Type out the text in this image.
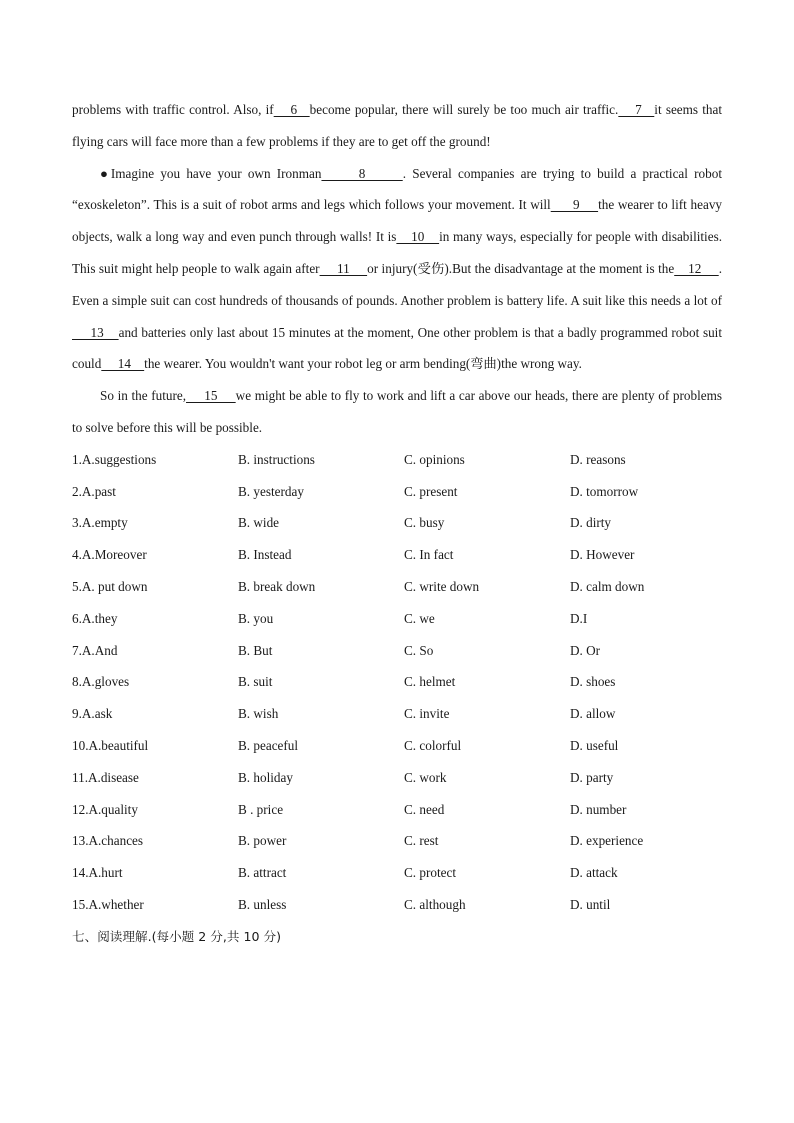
problems with traffic control. Also, if    6   become popular, there will surely be too much air traffic.    7   it seems that flying cars will face more than a few problems if they are to get off the ground!

●Imagine you have your own Ironman      8      . Several companies are trying to build a practical robot “exoskeleton”. This is a suit of robot arms and legs which follows your movement. It will      9     the wearer to lift heavy objects, walk a long way and even punch through walls! It is    10    in many ways, especially for people with disabilities. This suit might help people to walk again after     11     or injury(受伤).But the disadvantage at the moment is the    12     . Even a simple suit can cost hundreds of thousands of pounds. Another problem is battery life. A suit like this needs a lot of     13    and batteries only last about 15 minutes at the moment, One other problem is that a badly programmed robot suit could     14    the wearer. You wouldn't want your robot leg or arm bending(弯曲)the wrong way.

So in the future,     15     we might be able to fly to work and lift a car above our heads, there are plenty of problems to solve before this will be possible.

1.A.suggestions	B. instructions	C. opinions	D. reasons
2.A.past	B. yesterday	C. present	D. tomorrow
3.A.empty	B. wide	C. busy	D. dirty
4.A.Moreover	B. Instead	C. In fact	D. However
5.A. put down	B. break down	C. write down	D. calm down
6.A.they	B. you	C. we	D.I
7.A.And	B. But	C. So	D. Or
8.A.gloves	B. suit	C. helmet	D. shoes
9.A.ask	B. wish	C. invite	D. allow
10.A.beautiful	B. peaceful	C. colorful	D. useful
11.A.disease	B. holiday	C. work	D. party
12.A.quality	B . price	C. need	D. number
13.A.chances	B. power	C. rest	D. experience
14.A.hurt	B. attract	C. protect	D. attack
15.A.whether	B. unless	C. although	D. until
七、阅读理解.(每小题 2 分,共 10 分)
